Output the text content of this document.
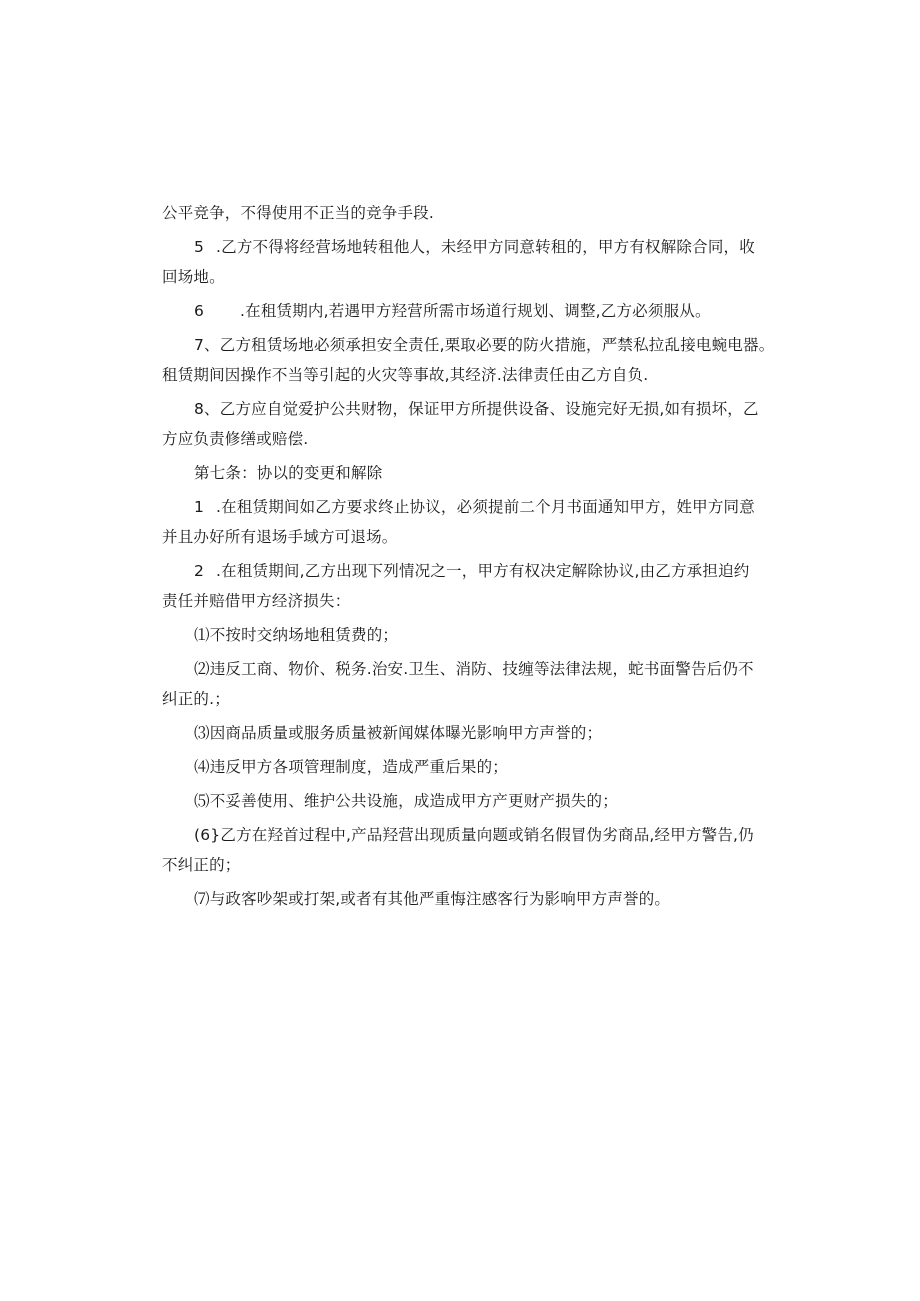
公平竞争，不得使用不正当的竞争手段.
5 .乙方不得将经营场地转租他人，未经甲方同意转租的，甲方有权解除合同，收
回场地。
6 .在租赁期内,若遇甲方羟营所需市场道行规划、调整,乙方必须服从。
7、乙方租赁场地必须承担安全责任,栗取必要的防火措施，严禁私拉乱接电蜿电器。
租赁期间因操作不当等引起的火灾等事故,其经济.法律责任由乙方自负.
8、乙方应自觉爱护公共财物，保证甲方所提供设备、设施完好无损,如有损坏，乙
方应负责修缮或赔偿.
第七条：协以的变更和解除
1 .在租赁期间如乙方要求终止协议，必须提前二个月书面通知甲方，姓甲方同意
并且办好所有退场手域方可退场。
2 .在租赁期间,乙方出现下列情况之一，甲方有权决定解除协议,由乙方承担迫约
责任并赔借甲方经济损失：
⑴不按时交纳场地租赁费的；
⑵违反工商、物价、税务.治安.卫生、消防、技缠等法律法规，蛇书面警告后仍不
纠正的.；
⑶因商品质量或服务质量被新闻媒体曝光影响甲方声誉的；
⑷违反甲方各项管理制度，造成严重后果的；
⑸不妥善使用、维护公共设施，成造成甲方产更财产损失的；
(6}乙方在羟首过程中,产品羟营出现质量向题或销名假冒伪劣商品,经甲方警告,仍
不纠正的；
⑺与政客吵架或打架,或者有其他严重悔注感客行为影响甲方声誉的。
